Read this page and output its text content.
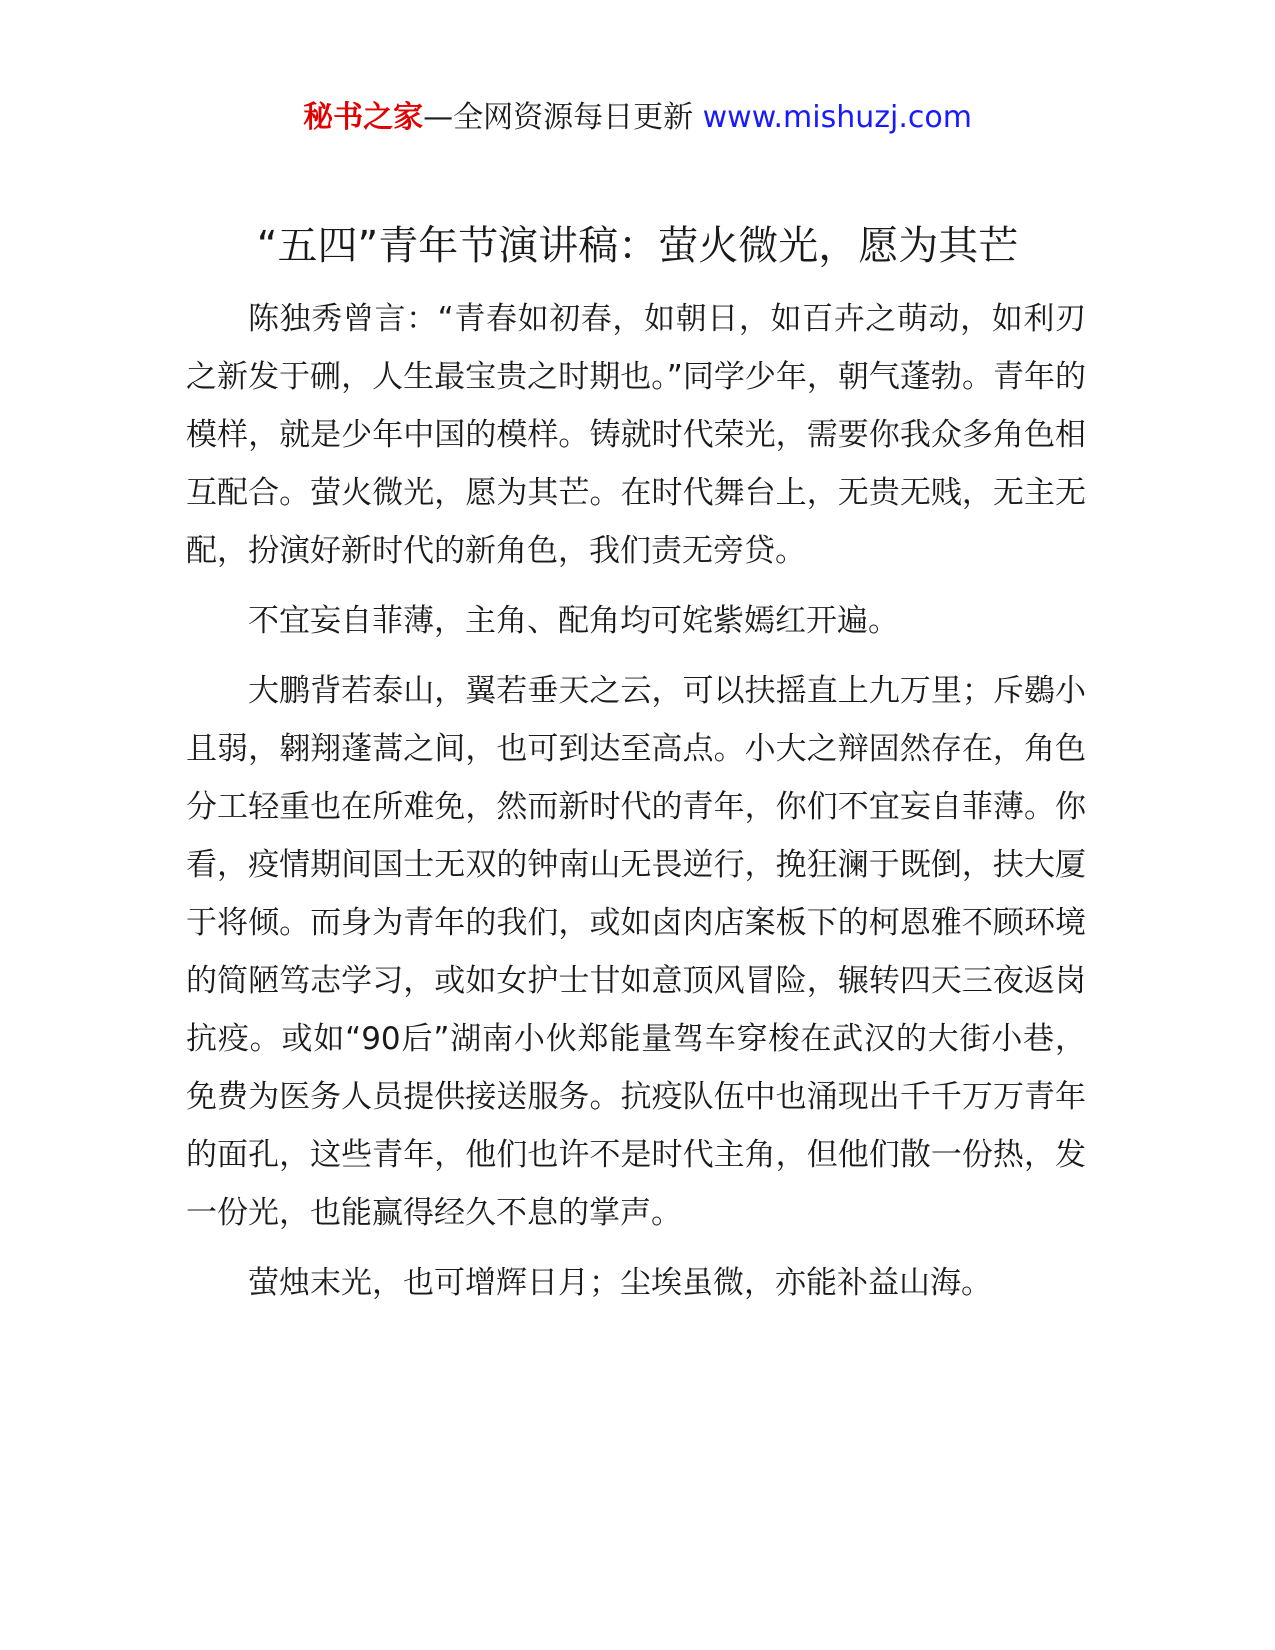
秘书之家—全网资源每日更新 www.mishuzj.com
“五四”青年节演讲稿：萤火微光，愿为其芒

陈独秀曾言：“青春如初春，如朝日，如百卉之萌动，如利刃之新发于硎，人生最宝贵之时期也。”同学少年，朝气蓬勃。青年的模样，就是少年中国的模样。铸就时代荣光，需要你我众多角色相互配合。萤火微光，愿为其芒。在时代舞台上，无贵无贱，无主无配，扮演好新时代的新角色，我们责无旁贷。

不宜妄自菲薄，主角、配角均可姹紫嫣红开遍。

大鹏背若泰山，翼若垂天之云，可以扶摇直上九万里；斥鷃小且弱，翱翔蓬蒿之间，也可到达至高点。小大之辩固然存在，角色分工轻重也在所难免，然而新时代的青年，你们不宜妄自菲薄。你看，疫情期间国士无双的钟南山无畏逆行，挽狂澜于既倒，扶大厦于将倾。而身为青年的我们，或如卤肉店案板下的柯恩雅不顾环境的简陋笃志学习，或如女护士甘如意顶风冒险，辗转四天三夜返岗抗疫。或如“90后”湖南小伙郑能量驾车穿梭在武汉的大街小巷，免费为医务人员提供接送服务。抗疫队伍中也涌现出千千万万青年的面孔，这些青年，他们也许不是时代主角，但他们散一份热，发一份光，也能赢得经久不息的掌声。

萤烛末光，也可增辉日月；尘埃虽微，亦能补益山海。
